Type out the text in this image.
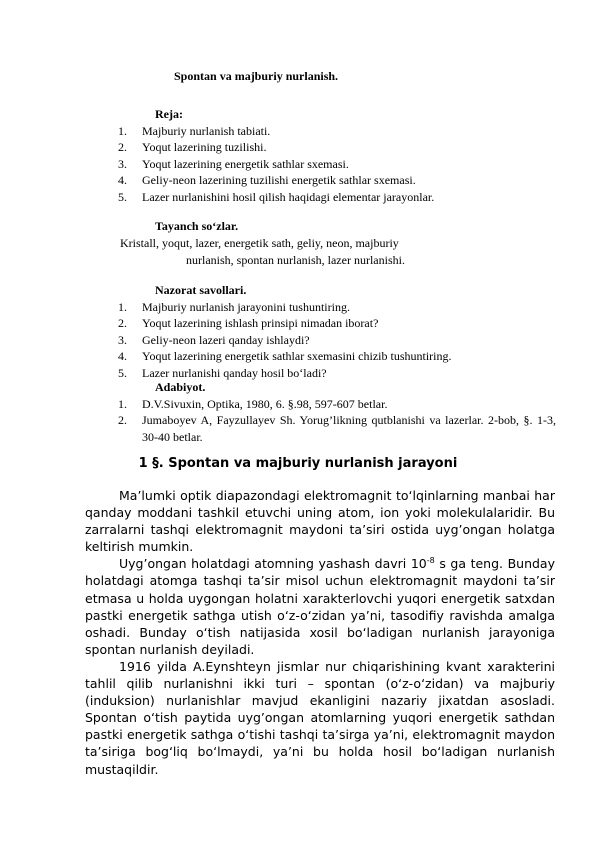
Spontan va majburiy nurlanish.
Reja:
1. Majburiy nurlanish tabiati.
2. Yoqut lazerining tuzilishi.
3. Yoqut lazerining energetik sathlar sxemasi.
4. Geliy-neon lazerining tuzilishi energetik sathlar sxemasi.
5. Lazer nurlanishini hosil qilish haqidagi elementar jarayonlar.
Tayanch so‘zlar.
Kristall, yoqut, lazer, energetik sath, geliy, neon, majburiy
nurlanish, spontan nurlanish, lazer nurlanishi.
Nazorat savollari.
1. Majburiy nurlanish jarayonini tushuntiring.
2. Yoqut lazerining ishlash prinsipi nimadan iborat?
3. Geliy-neon lazeri qanday ishlaydi?
4. Yoqut lazerining energetik sathlar sxemasini chizib tushuntiring.
5. Lazer nurlanishi qanday hosil bo‘ladi?
Adabiyot.
1. D.V.Sivuxin, Optika, 1980, 6. §.98, 597-607 betlar.
2. Jumaboyev A, Fayzullayev Sh. Yorug’likning qutblanishi va lazerlar. 2-bob, §. 1-3, 30-40 betlar.
1 §. Spontan va majburiy nurlanish jarayoni

Ma’lumki optik diapazondagi elektromagnit to‘lqinlarning manbai har qanday moddani tashkil etuvchi uning atom, ion yoki molekulalaridir. Bu zarralarni tashqi elektromagnit maydoni ta’siri ostida uyg’ongan holatga keltirish mumkin.

Uyg’ongan holatdagi atomning yashash davri $10^{-8}$ s ga teng. Bunday holatdagi atomga tashqi ta’sir misol uchun elektromagnit maydoni ta’sir etmasa u holda uygongan holatni xarakterlovchi yuqori energetik satxdan pastki energetik sathga utish o‘z-o‘zidan ya’ni, tasodifiy ravishda amalga oshadi. Bunday o‘tish natijasida xosil bo‘ladigan nurlanish jarayoniga spontan nurlanish deyiladi.

1916 yilda A.Eynshteyn jismlar nur chiqarishining kvant xarakterini tahlil qilib nurlanishni ikki turi – spontan (o‘z-o‘zidan) va majburiy (induksion) nurlanishlar mavjud ekanligini nazariy jixatdan asosladi. Spontan o‘tish paytida uyg’ongan atomlarning yuqori energetik sathdan pastki energetik sathga o‘tishi tashqi ta’sirga ya’ni, elektromagnit maydon ta’siriga bog‘liq bo‘lmaydi, ya’ni bu holda hosil bo‘ladigan nurlanish mustaqildir.
